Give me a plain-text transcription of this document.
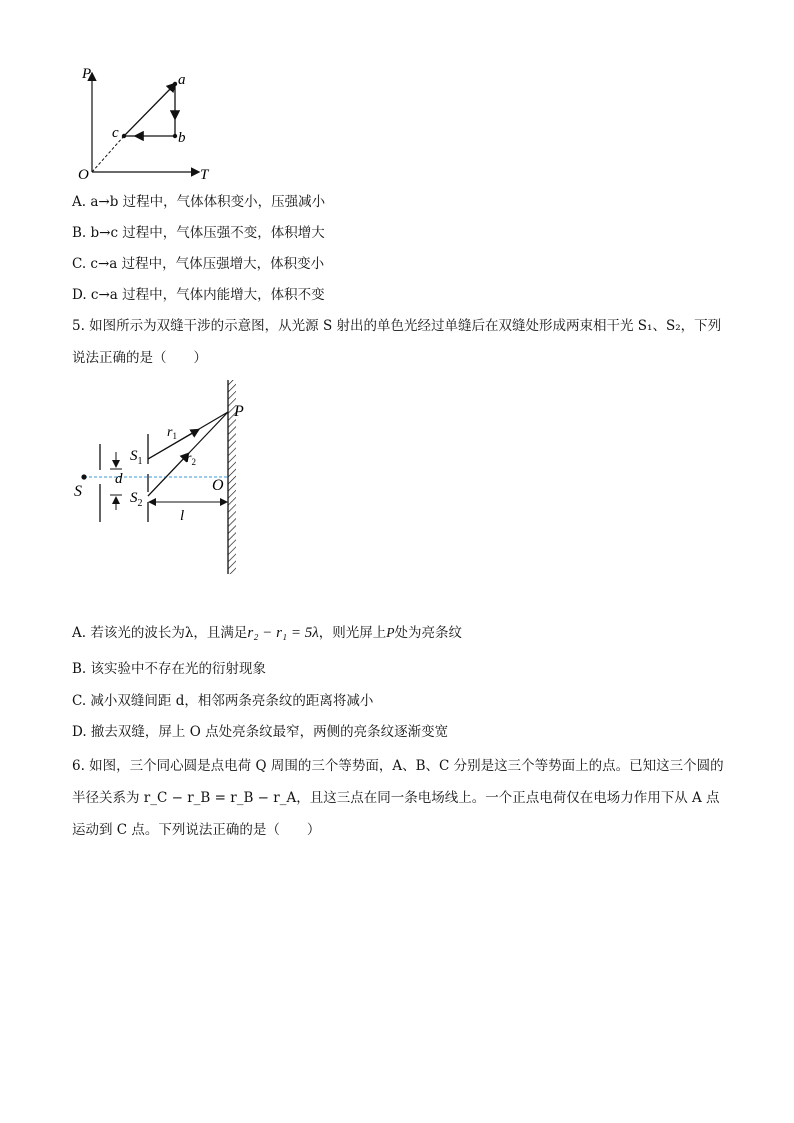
P
T
O
a
b
c
A. a→b 过程中，气体体积变小，压强减小
B. b→c 过程中，气体压强不变，体积增大
C. c→a 过程中，气体压强增大，体积变小
D. c→a 过程中，气体内能增大，体积不变
5. 如图所示为双缝干涉的示意图，从光源 S 射出的单色光经过单缝后在双缝处形成两束相干光 S₁、S₂，下列说法正确的是（　　）
S
$S_1$
$S_2$
d
$r_1$
$r_2$
P
O
l
A. 若该光的波长为λ，且满足r₂ − r₁ = 5λ，则光屏上P处为亮条纹
B. 该实验中不存在光的衍射现象
C. 减小双缝间距 d，相邻两条亮条纹的距离将减小
D. 撤去双缝，屏上 O 点处亮条纹最窄，两侧的亮条纹逐渐变宽
6. 如图，三个同心圆是点电荷 Q 周围的三个等势面，A、B、C 分别是这三个等势面上的点。已知这三个圆的半径关系为 r_C − r_B = r_B − r_A，且这三点在同一条电场线上。一个正点电荷仅在电场力作用下从 A 点运动到 C 点。下列说法正确的是（　　）
